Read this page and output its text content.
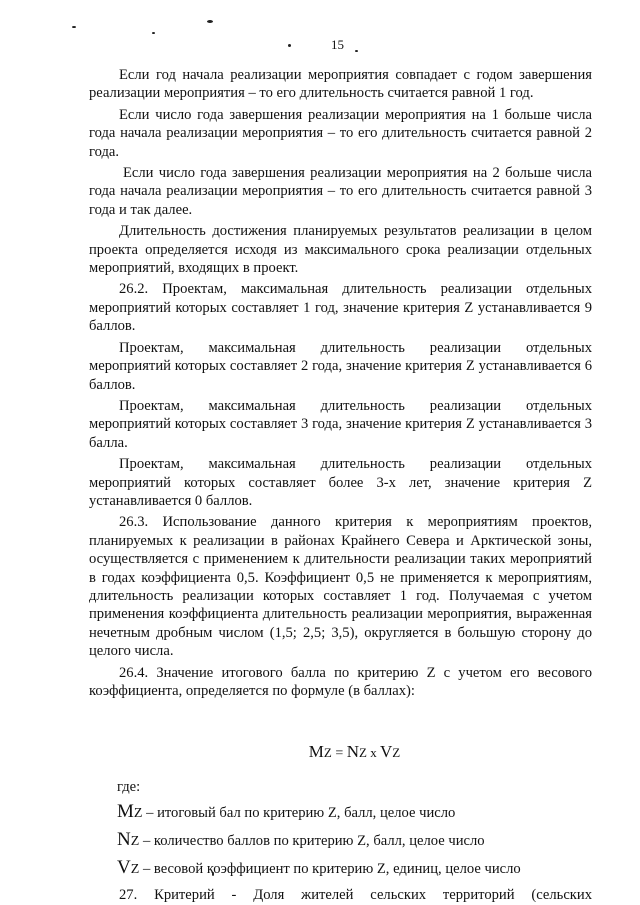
15

Если год начала реализации мероприятия совпадает с годом завершения реализации мероприятия – то его длительность считается равной 1 год.

Если число года завершения реализации мероприятия на 1 больше числа года начала реализации мероприятия – то его длительность считается равной 2 года.

Если число года завершения реализации мероприятия на 2 больше числа года начала реализации мероприятия – то его длительность считается равной 3 года и так далее.

Длительность достижения планируемых результатов реализации в целом проекта определяется исходя из максимального срока реализации отдельных мероприятий, входящих в проект.

26.2. Проектам, максимальная длительность реализации отдельных мероприятий которых составляет 1 год, значение критерия Z устанавливается 9 баллов.

Проектам, максимальная длительность реализации отдельных мероприятий которых составляет 2 года, значение критерия Z устанавливается 6 баллов.

Проектам, максимальная длительность реализации отдельных мероприятий которых составляет 3 года, значение критерия Z устанавливается 3 балла.

Проектам, максимальная длительность реализации отдельных мероприятий которых составляет более 3-х лет, значение критерия Z устанавливается 0 баллов.

26.3. Использование данного критерия к мероприятиям проектов, планируемых к реализации в районах Крайнего Севера и Арктической зоны, осуществляется с применением к длительности реализации таких мероприятий в годах коэффициента 0,5. Коэффициент 0,5 не применяется к мероприятиям, длительность реализации которых составляет 1 год. Получаемая с учетом применения коэффициента длительность реализации мероприятия, выраженная нечетным дробным числом (1,5; 2,5; 3,5), округляется в большую сторону до целого числа.

26.4. Значение итогового балла по критерию Z с учетом его весового коэффициента, определяется по формуле (в баллах):

MZ = NZ x VZ
где:
MZ – итоговый бал по критерию Z, балл, целое число
NZ – количество баллов по критерию Z, балл, целое число
VZ – весовой коэффициент по критерию Z, единиц, целое число

27. Критерий - Доля жителей сельских территорий (сельских
